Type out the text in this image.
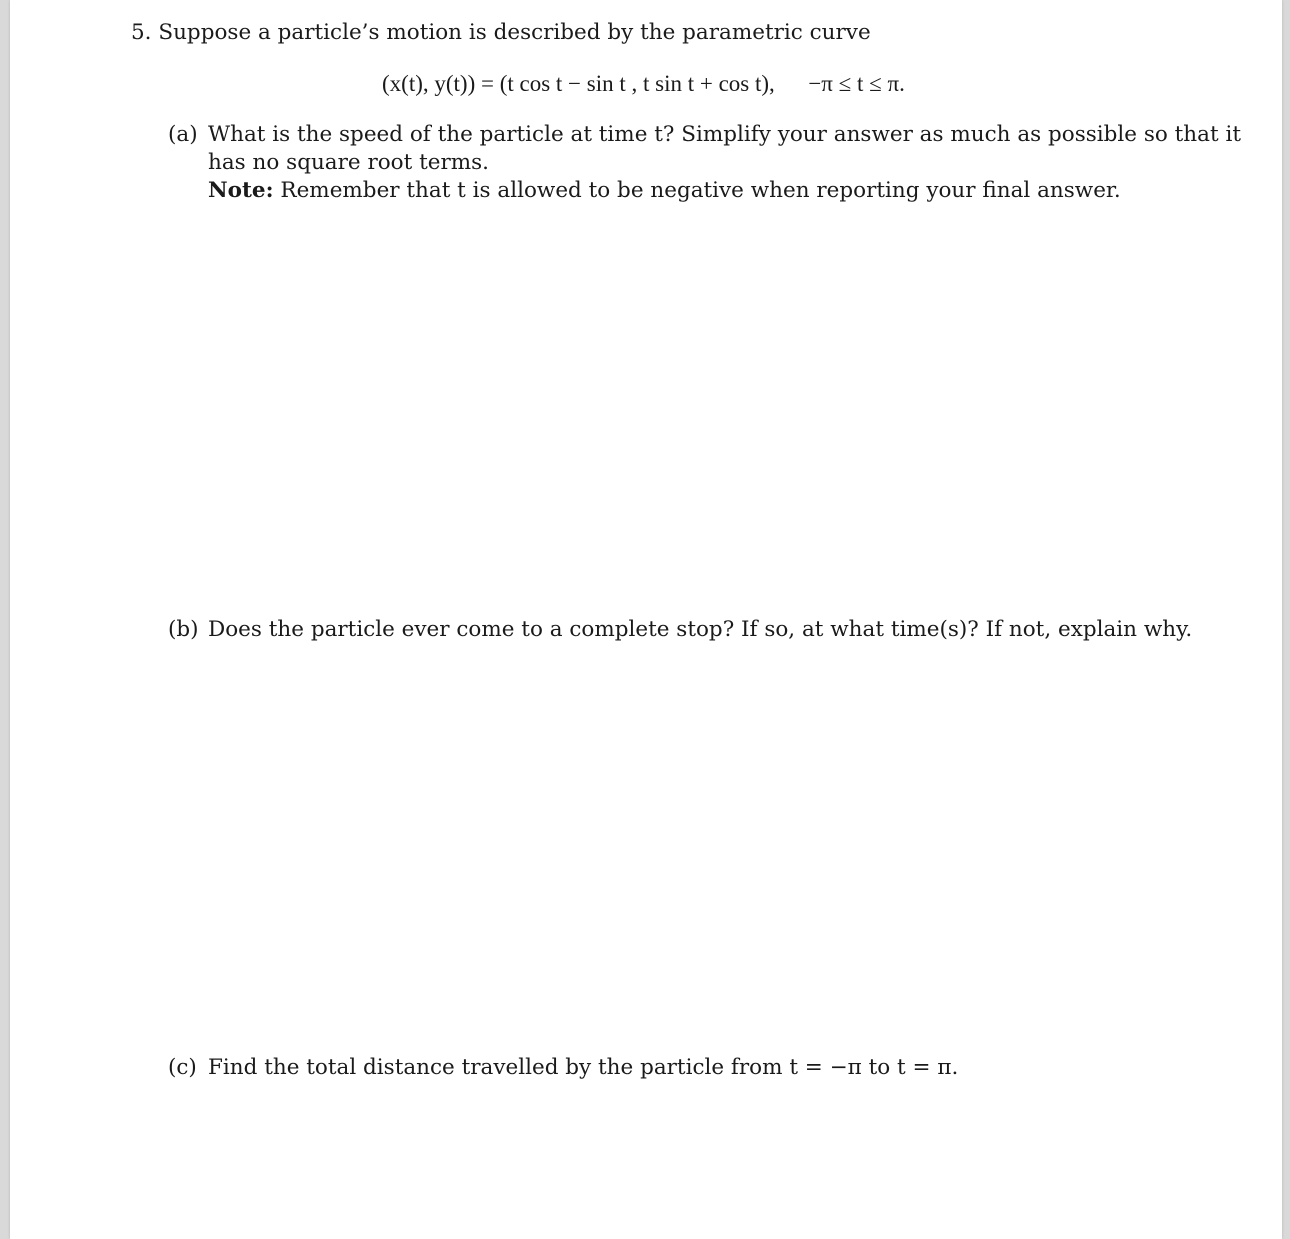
5. Suppose a particle’s motion is described by the parametric curve
(x(t), y(t)) = (t cos t − sin t , t sin t + cos t), −π ≤ t ≤ π.
(a) What is the speed of the particle at time t? Simplify your answer as much as possible so that it
has no square root terms.
Note: Remember that t is allowed to be negative when reporting your final answer.
(b) Does the particle ever come to a complete stop? If so, at what time(s)? If not, explain why.
(c) Find the total distance travelled by the particle from t = −π to t = π.
